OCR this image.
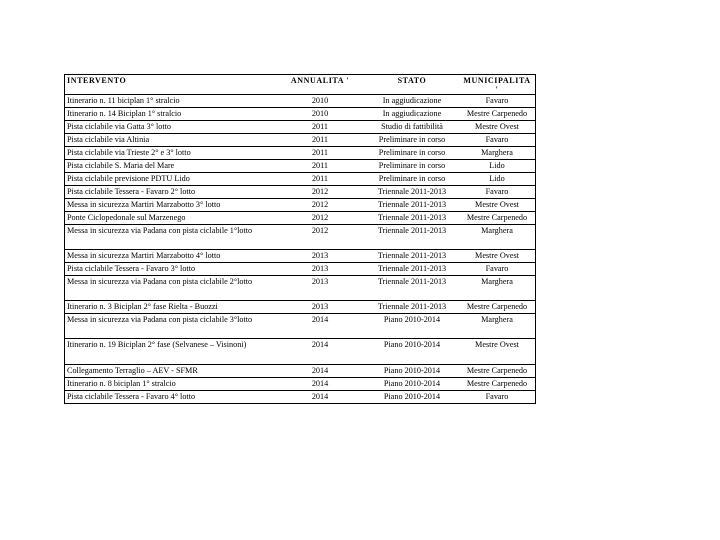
INTERVENTO	ANNUALITA '	STATO	MUNICIPALITA '
Itinerario n. 11 biciplan 1° stralcio	2010	In aggiudicazione	Favaro
Itinerario n. 14 Biciplan 1° stralcio	2010	In aggiudicazione	Mestre Carpenedo
Pista ciclabile via Gatta 3° lotto	2011	Studio di fattibilità	Mestre Ovest
Pista ciclabile via Altinia	2011	Preliminare in corso	Favaro
Pista ciclabile via Trieste 2° e 3° lotto	2011	Preliminare in corso	Marghera
Pista ciclabile S. Maria del Mare	2011	Preliminare in corso	Lido
Pista ciclabile previsione PDTU Lido	2011	Preliminare in corso	Lido
Pista ciclabile Tessera - Favaro 2° lotto	2012	Triennale 2011-2013	Favaro
Messa in sicurezza Martiri Marzabotto 3° lotto	2012	Triennale 2011-2013	Mestre Ovest
Ponte Ciclopedonale sul Marzenego	2012	Triennale 2011-2013	Mestre Carpenedo
Messa in sicurezza via Padana con pista ciclabile 1°lotto	2012	Triennale 2011-2013	Marghera
Messa in sicurezza Martiri Marzabotto 4° lotto	2013	Triennale 2011-2013	Mestre Ovest
Pista ciclabile Tessera - Favaro 3° lotto	2013	Triennale 2011-2013	Favaro
Messa in sicurezza via Padana con pista ciclabile 2°lotto	2013	Triennale 2011-2013	Marghera
Itinerario n. 3 Biciplan 2° fase Rielta - Buozzi	2013	Triennale 2011-2013	Mestre Carpenedo
Messa in sicurezza via Padana con pista ciclabile 3°lotto	2014	Piano 2010-2014	Marghera
Itinerario n. 19 Biciplan 2° fase (Selvanese – Visinoni)	2014	Piano 2010-2014	Mestre Ovest
Collegamento Terraglio – AEV - SFMR	2014	Piano 2010-2014	Mestre Carpenedo
Itinerario n. 8 biciplan 1° stralcio	2014	Piano 2010-2014	Mestre Carpenedo
Pista ciclabile Tessera - Favaro 4° lotto	2014	Piano 2010-2014	Favaro
